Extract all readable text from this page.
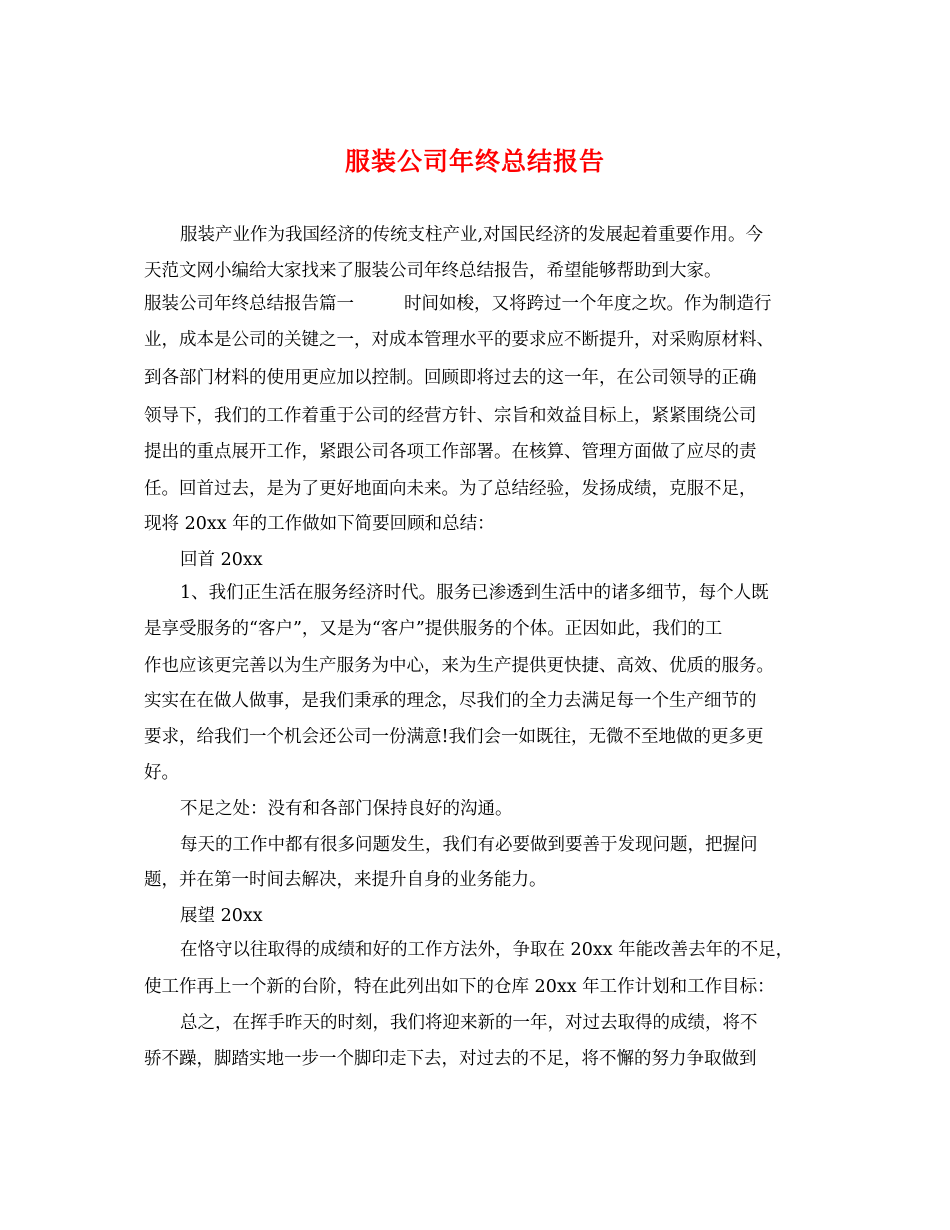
服装公司年终总结报告
服装产业作为我国经济的传统支柱产业,对国民经济的发展起着重要作用。今
天范文网小编给大家找来了服装公司年终总结报告，希望能够帮助到大家。
服装公司年终总结报告篇一	时间如梭，又将跨过一个年度之坎。作为制造行
业，成本是公司的关键之一，对成本管理水平的要求应不断提升，对采购原材料、
到各部门材料的使用更应加以控制。回顾即将过去的这一年，在公司领导的正确
领导下，我们的工作着重于公司的经营方针、宗旨和效益目标上，紧紧围绕公司
提出的重点展开工作，紧跟公司各项工作部署。在核算、管理方面做了应尽的责
任。回首过去，是为了更好地面向未来。为了总结经验，发扬成绩，克服不足，
现将 20xx 年的工作做如下简要回顾和总结：
回首 20xx
1、我们正生活在服务经济时代。服务已渗透到生活中的诸多细节，每个人既
是享受服务的“客户”，又是为“客户”提供服务的个体。正因如此，我们的工
作也应该更完善以为生产服务为中心，来为生产提供更快捷、高效、优质的服务。
实实在在做人做事，是我们秉承的理念，尽我们的全力去满足每一个生产细节的
要求，给我们一个机会还公司一份满意!我们会一如既往，无微不至地做的更多更
好。
不足之处：没有和各部门保持良好的沟通。
每天的工作中都有很多问题发生，我们有必要做到要善于发现问题，把握问
题，并在第一时间去解决，来提升自身的业务能力。
展望 20xx
在恪守以往取得的成绩和好的工作方法外，争取在 20xx 年能改善去年的不足，
使工作再上一个新的台阶，特在此列出如下的仓库 20xx 年工作计划和工作目标：
总之，在挥手昨天的时刻，我们将迎来新的一年，对过去取得的成绩，将不
骄不躁，脚踏实地一步一个脚印走下去，对过去的不足，将不懈的努力争取做到
